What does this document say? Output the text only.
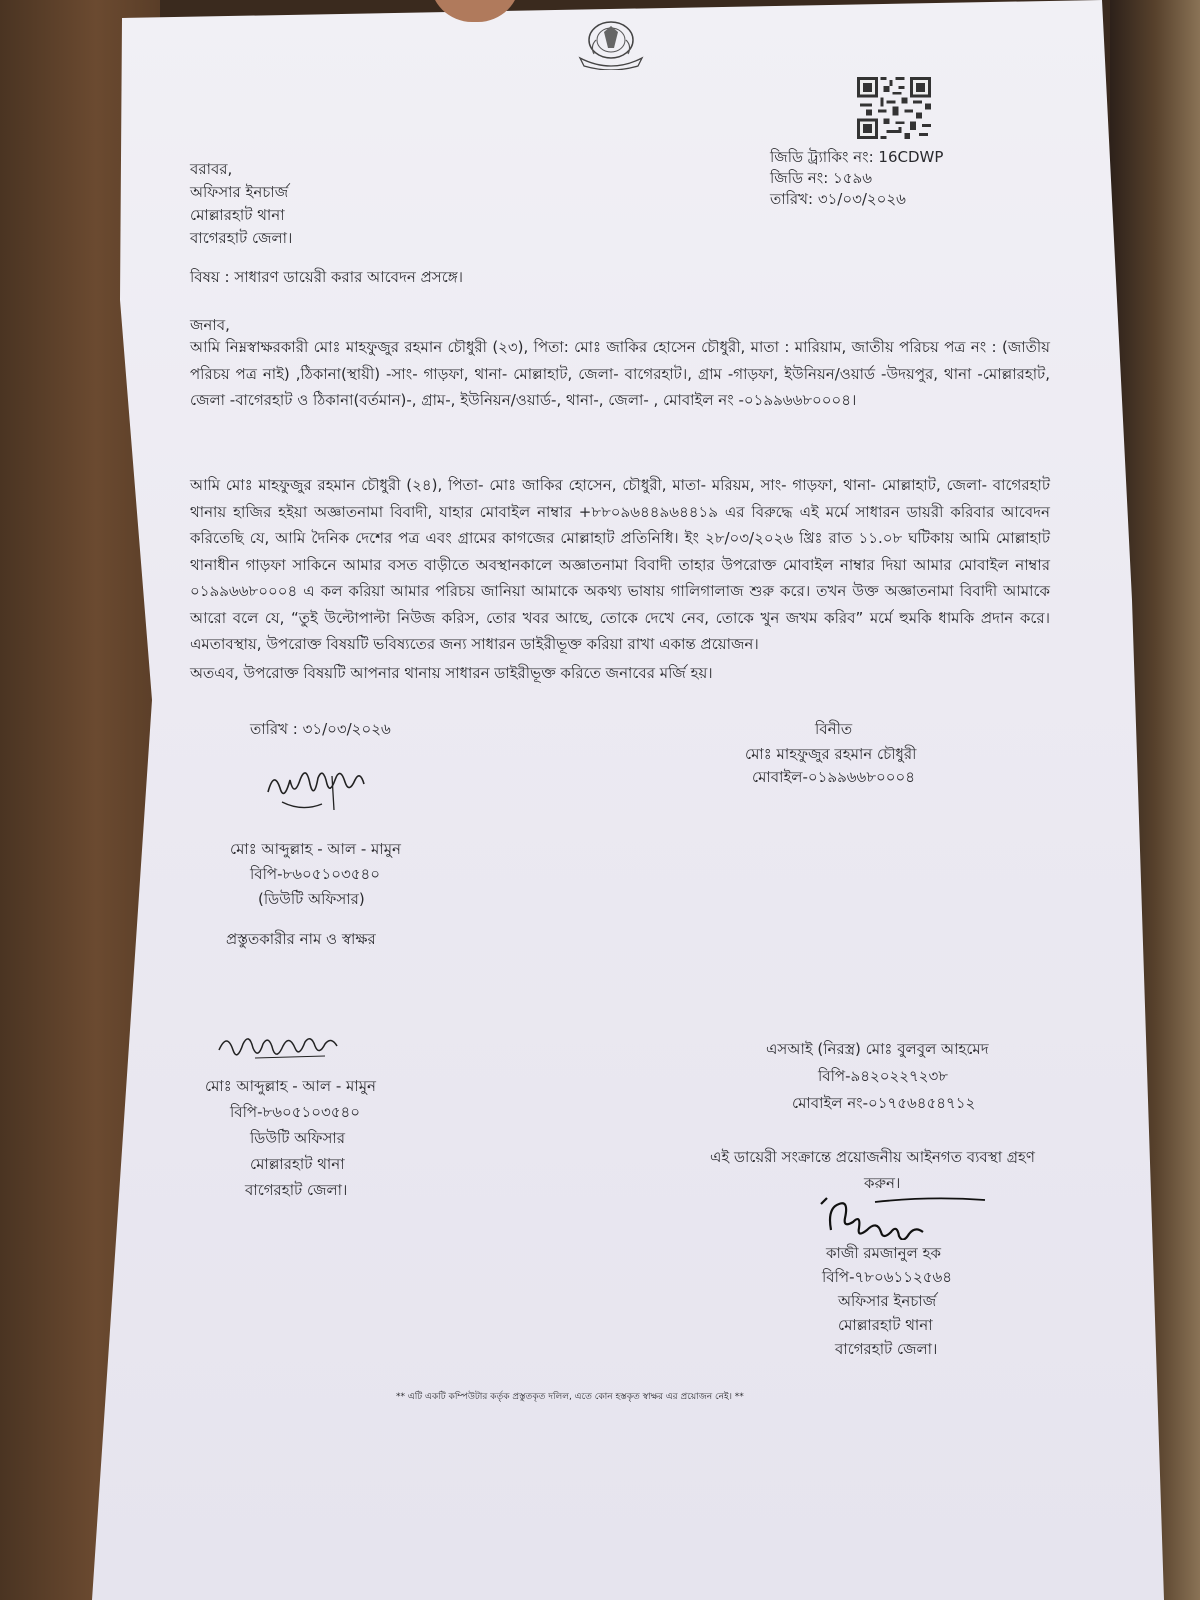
জিডি ট্র্যাকিং নং: 16CDWP
জিডি নং: ১৫৯৬
তারিখ: ৩১/০৩/২০২৬
বরাবর,
অফিসার ইনচার্জ
মোল্লারহাট থানা
বাগেরহাট জেলা।
বিষয় : সাধারণ ডায়েরী করার আবেদন প্রসঙ্গে।
জনাব,
আমি নিম্নস্বাক্ষরকারী মোঃ মাহফুজুর রহমান চৌধুরী (২৩), পিতা: মোঃ জাকির হোসেন চৌধুরী, মাতা : মারিয়াম, জাতীয় পরিচয় পত্র নং : (জাতীয় পরিচয় পত্র নাই) ,ঠিকানা(স্থায়ী) -সাং- গাড়ফা, থানা- মোল্লাহাট, জেলা- বাগেরহাট।, গ্রাম -গাড়ফা, ইউনিয়ন/ওয়ার্ড -উদয়পুর, থানা -মোল্লারহাট, জেলা -বাগেরহাট ও ঠিকানা(বর্তমান)-, গ্রাম-, ইউনিয়ন/ওয়ার্ড-, থানা-, জেলা- , মোবাইল নং -০১৯৯৬৬৮০০০৪।
আমি মোঃ মাহফুজুর রহমান চৌধুরী (২৪), পিতা- মোঃ জাকির হোসেন, চৌধুরী, মাতা- মরিয়ম, সাং- গাড়ফা, থানা- মোল্লাহাট, জেলা- বাগেরহাট থানায় হাজির হইয়া অজ্ঞাতনামা বিবাদী, যাহার মোবাইল নাম্বার +৮৮০৯৬৪৪৯৬৪৪১৯ এর বিরুদ্ধে এই মর্মে সাধারন ডায়রী করিবার আবেদন করিতেছি যে, আমি দৈনিক দেশের পত্র এবং গ্রামের কাগজের মোল্লাহাট প্রতিনিধি। ইং ২৮/০৩/২০২৬ খ্রিঃ রাত ১১.০৮ ঘটিকায় আমি মোল্লাহাট থানাধীন গাড়ফা সাকিনে আমার বসত বাড়ীতে অবস্থানকালে অজ্ঞাতনামা বিবাদী তাহার উপরোক্ত মোবাইল নাম্বার দিয়া আমার মোবাইল নাম্বার ০১৯৯৬৬৮০০০৪ এ কল করিয়া আমার পরিচয় জানিয়া আমাকে অকথ্য ভাষায় গালিগালাজ শুরু করে। তখন উক্ত অজ্ঞাতনামা বিবাদী আমাকে আরো বলে যে, “তুই উল্টোপাল্টা নিউজ করিস, তোর খবর আছে, তোকে দেখে নেব, তোকে খুন জখম করিব” মর্মে হুমকি ধামকি প্রদান করে। এমতাবস্থায়, উপরোক্ত বিষয়টি ভবিষ্যতের জন্য সাধারন ডাইরীভূক্ত করিয়া রাখা একান্ত প্রয়োজন।
অতএব, উপরোক্ত বিষয়টি আপনার থানায় সাধারন ডাইরীভূক্ত করিতে জনাবের মর্জি হয়।
তারিখ : ৩১/০৩/২০২৬	বিনীত
মোঃ মাহফুজুর রহমান চৌধুরী
মোবাইল-০১৯৯৬৬৮০০০৪
মোঃ আব্দুল্লাহ - আল - মামুন
বিপি-৮৬০৫১০৩৫৪০
(ডিউটি অফিসার)
প্রস্তুতকারীর নাম ও স্বাক্ষর
মোঃ আব্দুল্লাহ - আল - মামুন
বিপি-৮৬০৫১০৩৫৪০
ডিউটি অফিসার
মোল্লারহাট থানা
বাগেরহাট জেলা।
এসআই (নিরস্ত্র) মোঃ বুলবুল আহমেদ
বিপি-৯৪২০২২৭২৩৮
মোবাইল নং-০১৭৫৬৪৫৪৭১২
এই ডায়েরী সংক্রান্তে প্রয়োজনীয় আইনগত ব্যবস্থা গ্রহণ
করুন।
কাজী রমজানুল হক
বিপি-৭৮০৬১১২৫৬৪
অফিসার ইনচার্জ
মোল্লারহাট থানা
বাগেরহাট জেলা।
** এটি একটি কম্পিউটার কর্তৃক প্রস্তুতকৃত দলিল, এতে কোন হস্তকৃত স্বাক্ষর এর প্রয়োজন নেই। **
